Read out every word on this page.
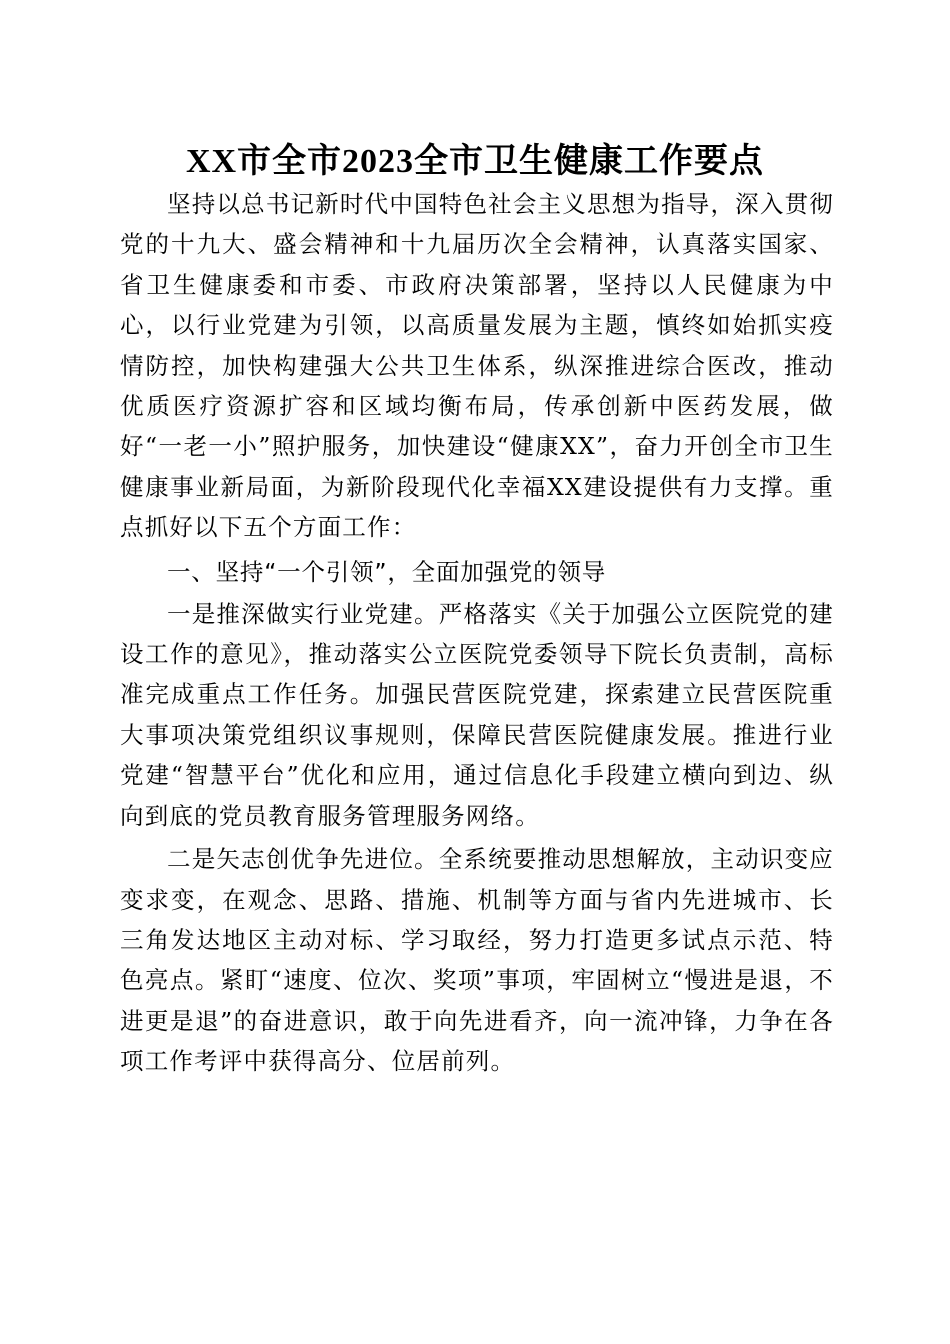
XX市全市2023全市卫生健康工作要点

坚持以总书记新时代中国特色社会主义思想为指导，深入贯彻党的十九大、盛会精神和十九届历次全会精神，认真落实国家、省卫生健康委和市委、市政府决策部署，坚持以人民健康为中心，以行业党建为引领，以高质量发展为主题，慎终如始抓实疫情防控，加快构建强大公共卫生体系，纵深推进综合医改，推动优质医疗资源扩容和区域均衡布局，传承创新中医药发展，做好“一老一小”照护服务，加快建设“健康XX”，奋力开创全市卫生健康事业新局面，为新阶段现代化幸福XX建设提供有力支撑。重点抓好以下五个方面工作：

一、坚持“一个引领”，全面加强党的领导

一是推深做实行业党建。严格落实《关于加强公立医院党的建设工作的意见》，推动落实公立医院党委领导下院长负责制，高标准完成重点工作任务。加强民营医院党建，探索建立民营医院重大事项决策党组织议事规则，保障民营医院健康发展。推进行业党建“智慧平台”优化和应用，通过信息化手段建立横向到边、纵向到底的党员教育服务管理服务网络。

二是矢志创优争先进位。全系统要推动思想解放，主动识变应变求变，在观念、思路、措施、机制等方面与省内先进城市、长三角发达地区主动对标、学习取经，努力打造更多试点示范、特色亮点。紧盯“速度、位次、奖项”事项，牢固树立“慢进是退，不进更是退”的奋进意识，敢于向先进看齐，向一流冲锋，力争在各项工作考评中获得高分、位居前列。
